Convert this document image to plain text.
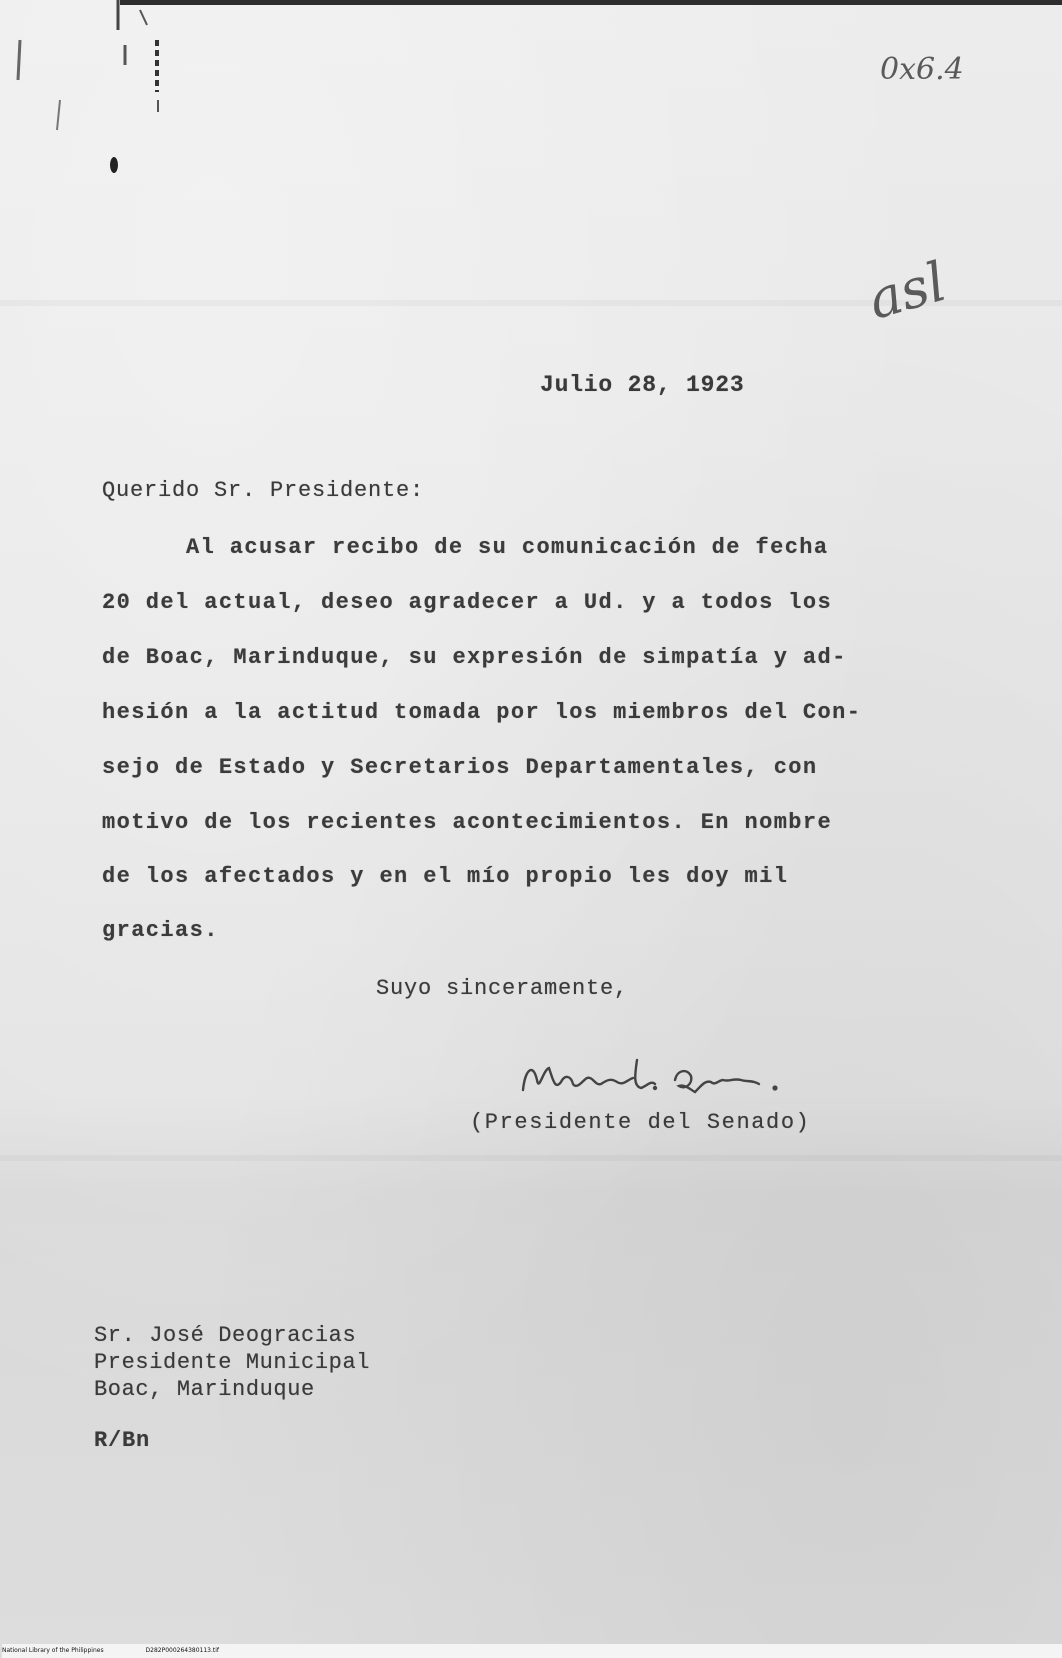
0x6.4
asl
Julio 28, 1923
Querido Sr. Presidente:
Al acusar recibo de su comunicación de fecha
20 del actual, deseo agradecer a Ud. y a todos los
de Boac, Marinduque, su expresión de simpatía y ad-
hesión a la actitud tomada por los miembros del Con-
sejo de Estado y Secretarios Departamentales, con
motivo de los recientes acontecimientos. En nombre
de los afectados y en el mío propio les doy mil
gracias.
Suyo sinceramente,
(Presidente del Senado)
Sr. José Deogracias
Presidente Municipal
Boac, Marinduque
R/Bn
National Library of the Philippines	D282P000264380113.tif
